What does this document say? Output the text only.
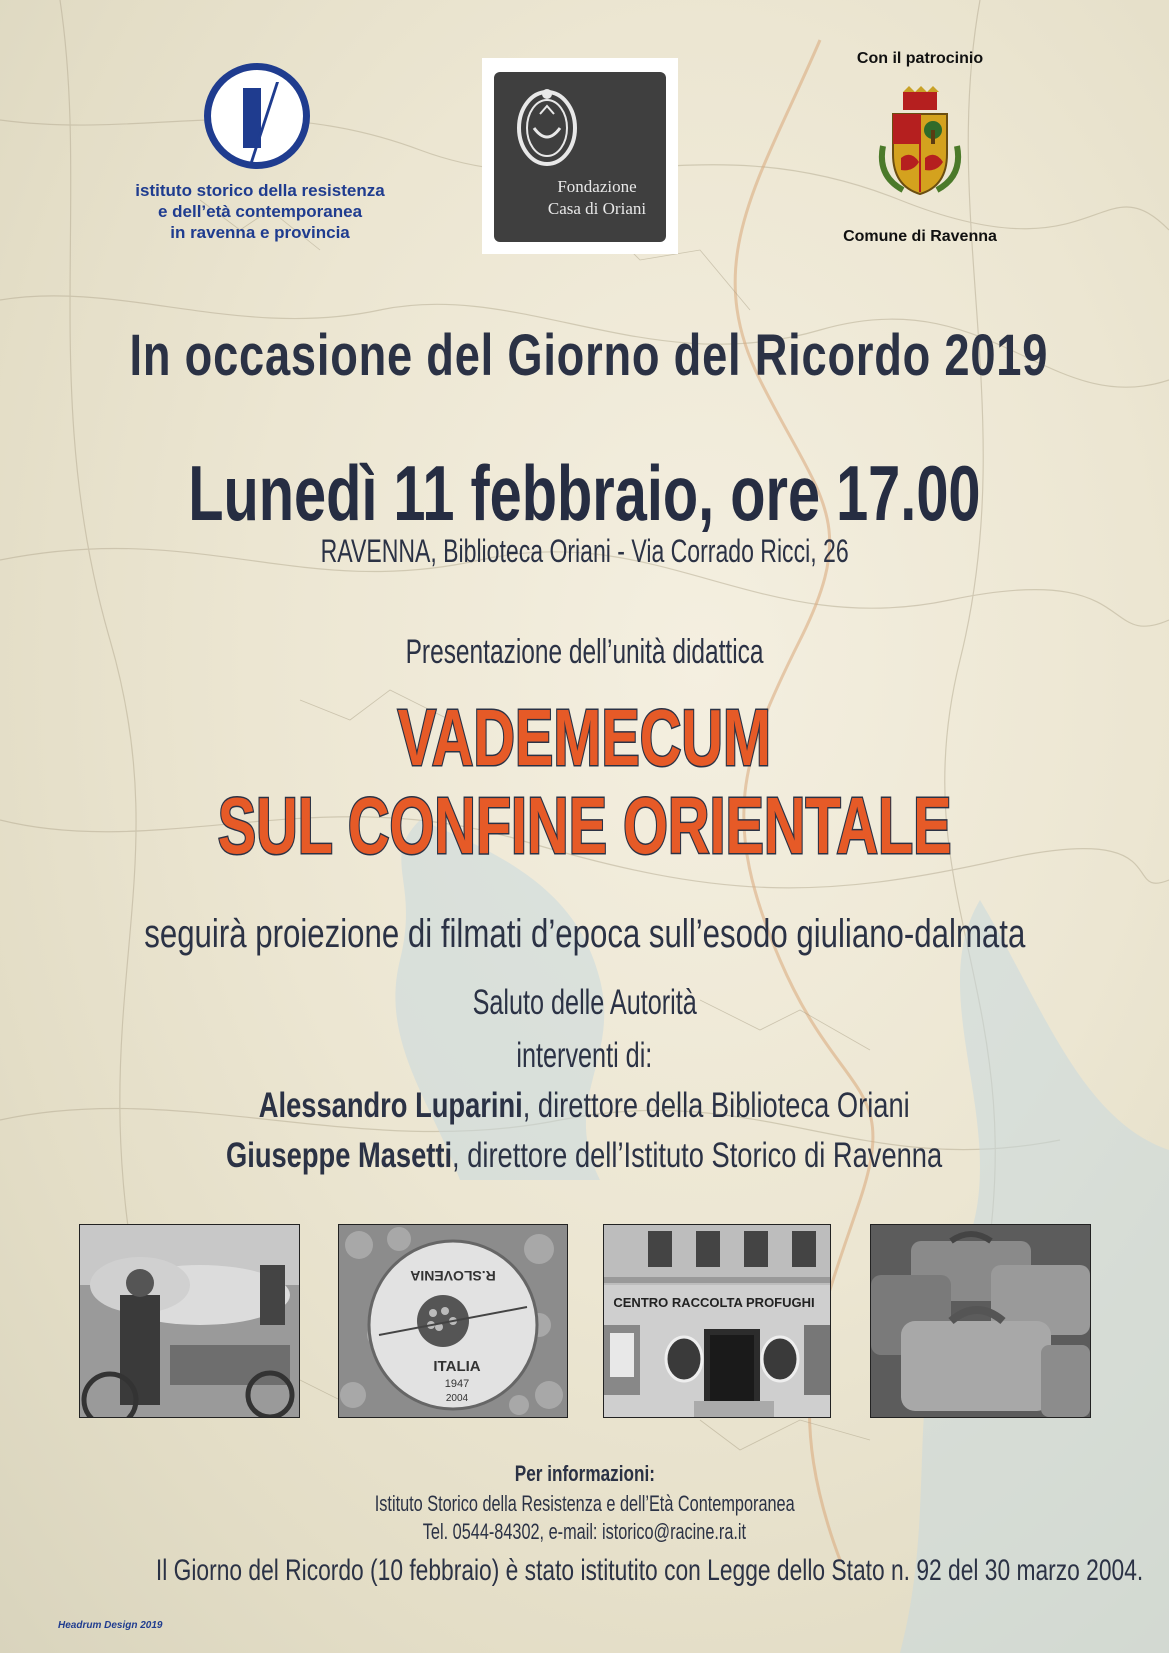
istituto storico della resistenza
e dell’età contemporanea
in ravenna e provincia
Fondazione
Casa di Oriani
Con il patrocinio
Comune di Ravenna
In occasione del Giorno del Ricordo 2019
Lunedì 11 febbraio, ore 17.00
RAVENNA, Biblioteca Oriani - Via Corrado Ricci, 26
Presentazione dell’unità didattica
VADEMECUM
SUL CONFINE ORIENTALE
seguirà proiezione di filmati d’epoca sull’esodo giuliano-dalmata
Saluto delle Autorità
interventi di:
Alessandro Luparini, direttore della Biblioteca Oriani
Giuseppe Masetti, direttore dell’Istituto Storico di Ravenna
R.SLOVENIA
ITALIA
1947
2004
CENTRO RACCOLTA PROFUGHI
Per informazioni:
Istituto Storico della Resistenza e dell’Età Contemporanea
Tel. 0544-84302, e-mail: istorico@racine.ra.it
Il Giorno del Ricordo (10 febbraio) è stato istitutito con Legge dello Stato n. 92 del 30 marzo 2004.
Headrum Design 2019
